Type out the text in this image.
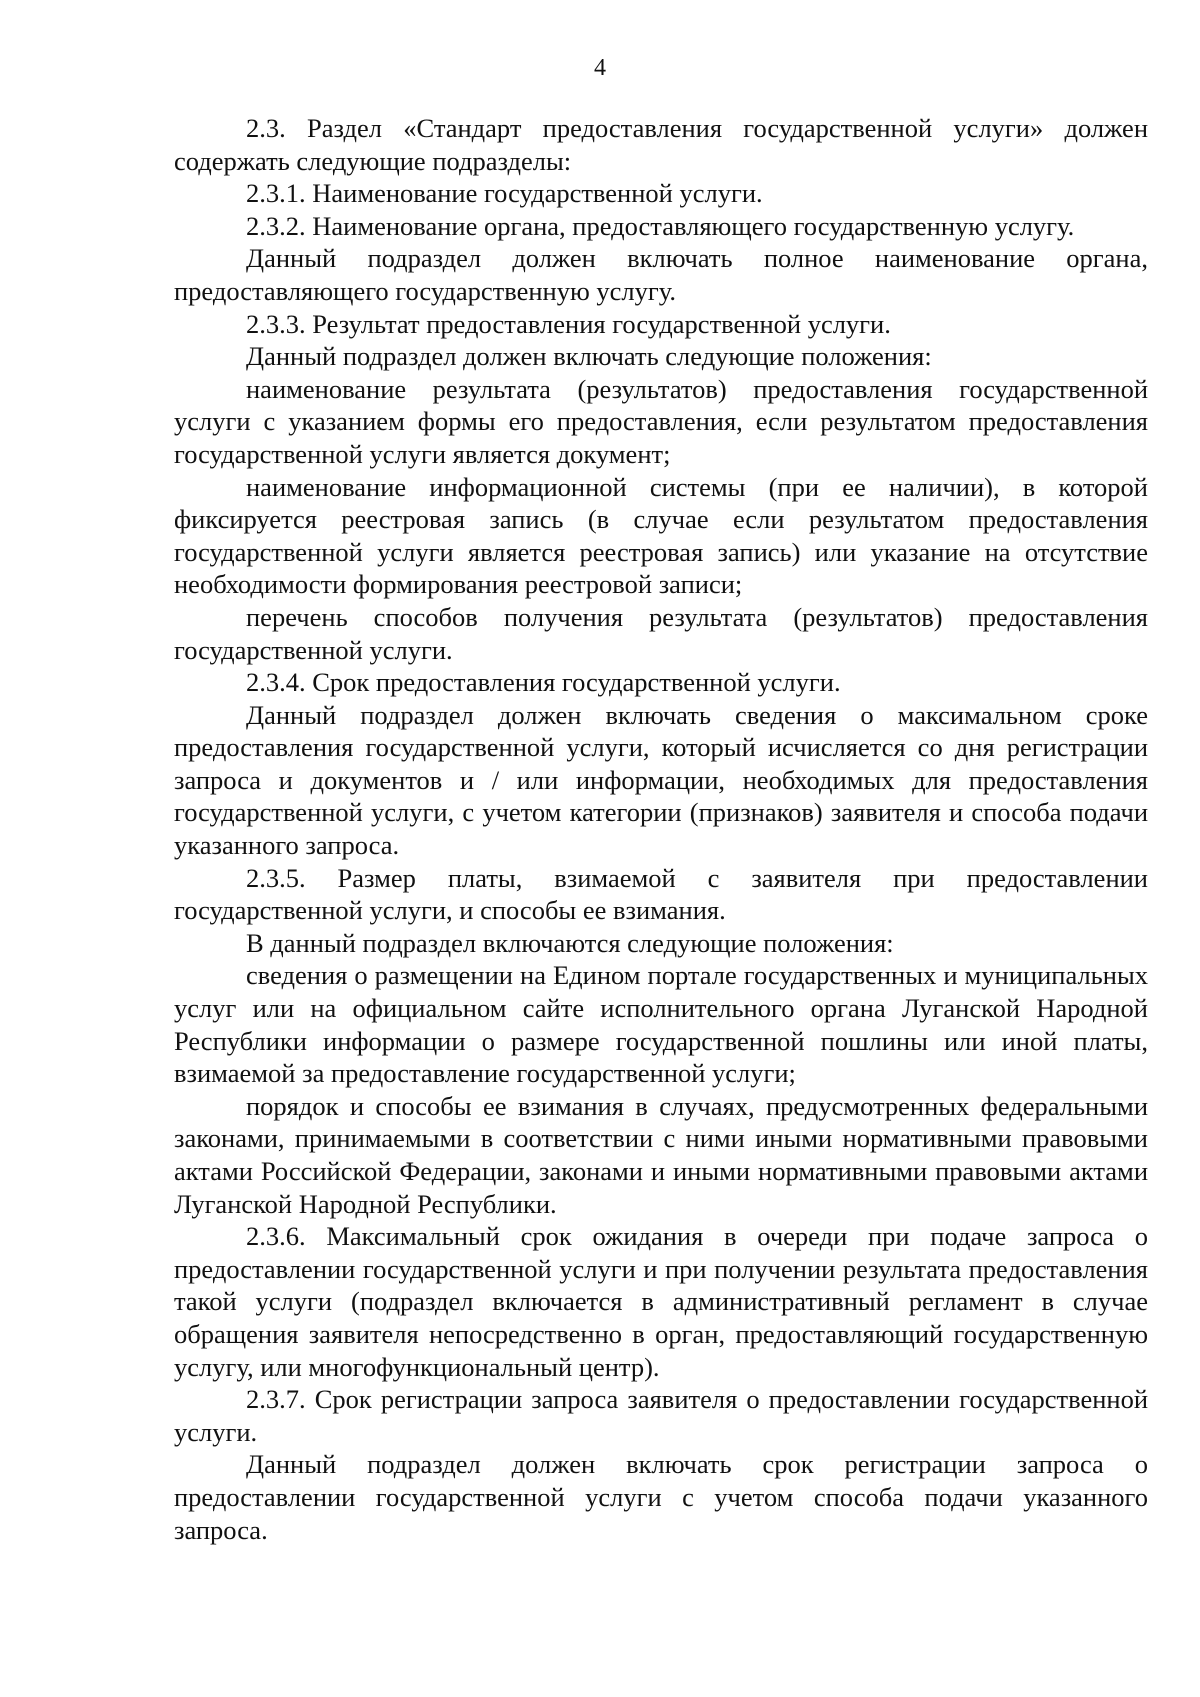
4

2.3. Раздел «Стандарт предоставления государственной услуги» должен содержать следующие подразделы:

2.3.1. Наименование государственной услуги.

2.3.2. Наименование органа, предоставляющего государственную услугу.

Данный подраздел должен включать полное наименование органа, предоставляющего государственную услугу.

2.3.3. Результат предоставления государственной услуги.

Данный подраздел должен включать следующие положения:

наименование результата (результатов) предоставления государственной услуги с указанием формы его предоставления, если результатом предоставления государственной услуги является документ;

наименование информационной системы (при ее наличии), в которой фиксируется реестровая запись (в случае если результатом предоставления государственной услуги является реестровая запись) или указание на отсутствие необходимости формирования реестровой записи;

перечень способов получения результата (результатов) предоставления государственной услуги.

2.3.4. Срок предоставления государственной услуги.

Данный подраздел должен включать сведения о максимальном сроке предоставления государственной услуги, который исчисляется со дня регистрации запроса и документов и / или информации, необходимых для предоставления государственной услуги, с учетом категории (признаков) заявителя и способа подачи указанного запроса.

2.3.5. Размер платы, взимаемой с заявителя при предоставлении государственной услуги, и способы ее взимания.

В данный подраздел включаются следующие положения:

сведения о размещении на Едином портале государственных и муниципальных услуг или на официальном сайте исполнительного органа Луганской Народной Республики информации о размере государственной пошлины или иной платы, взимаемой за предоставление государственной услуги;

порядок и способы ее взимания в случаях, предусмотренных федеральными законами, принимаемыми в соответствии с ними иными нормативными правовыми актами Российской Федерации, законами и иными нормативными правовыми актами Луганской Народной Республики.

2.3.6. Максимальный срок ожидания в очереди при подаче запроса о предоставлении государственной услуги и при получении результата предоставления такой услуги (подраздел включается в административный регламент в случае обращения заявителя непосредственно в орган, предоставляющий государственную услугу, или многофункциональный центр).

2.3.7. Срок регистрации запроса заявителя о предоставлении государственной услуги.

Данный подраздел должен включать срок регистрации запроса о предоставлении государственной услуги с учетом способа подачи указанного запроса.
